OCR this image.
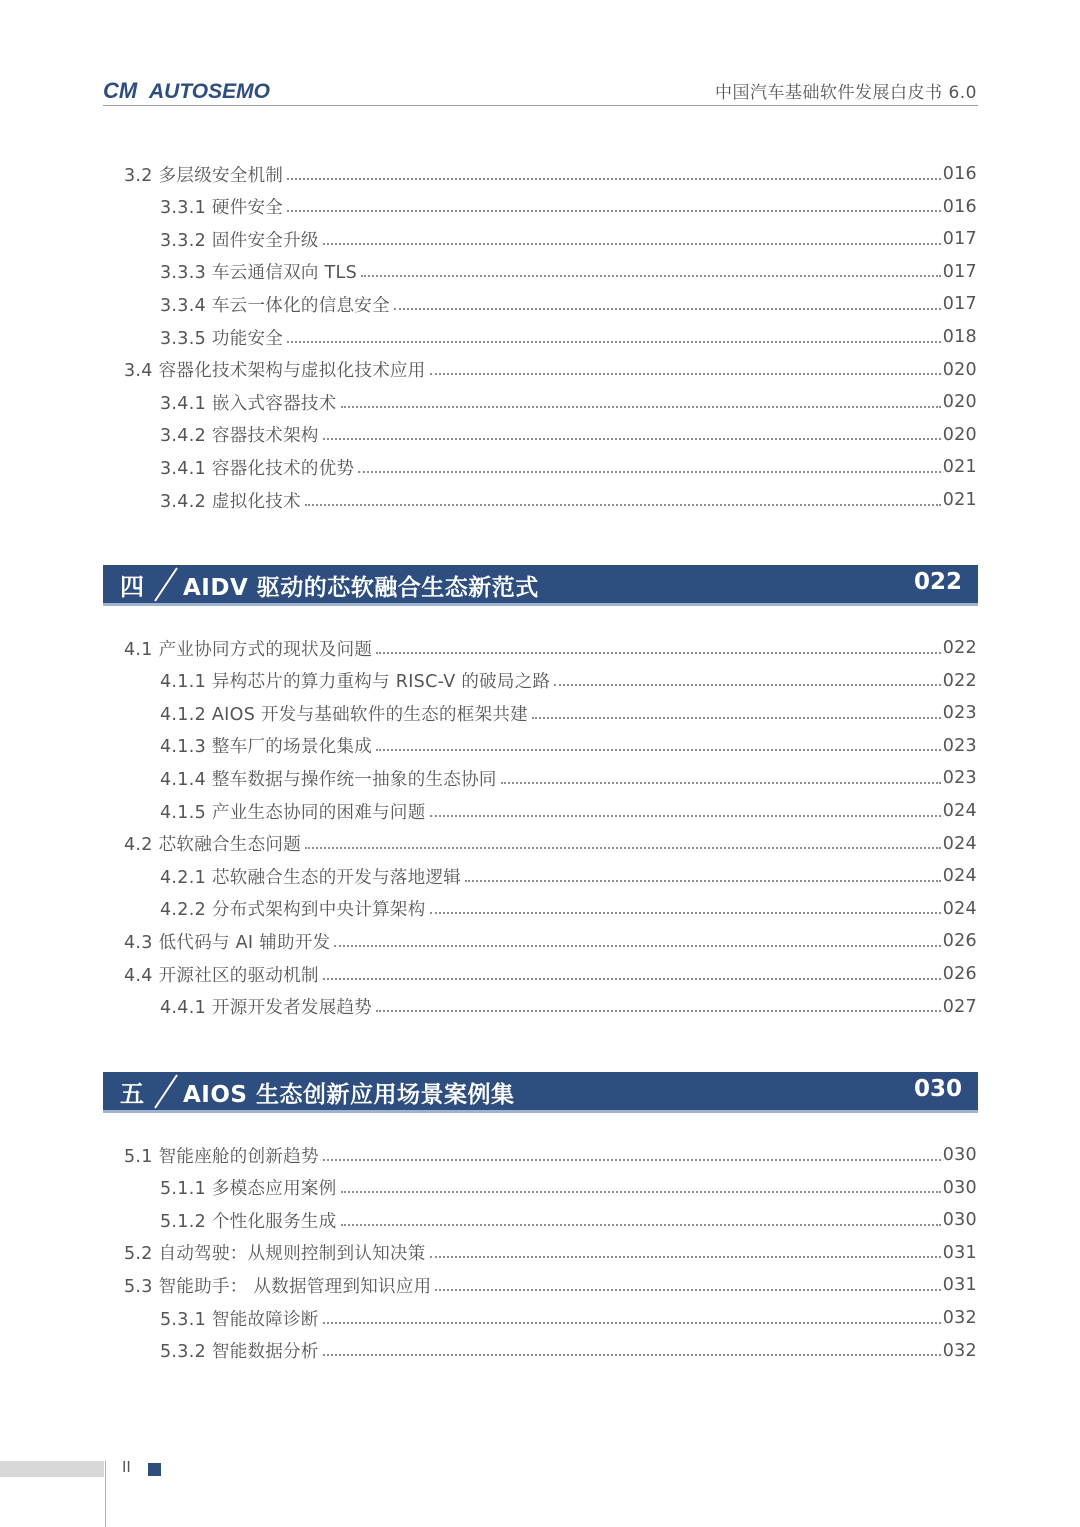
CM AUTOSEMO	中国汽车基础软件发展白皮书 6.0
3.2 多层级安全机制	016
3.3.1 硬件安全	016
3.3.2 固件安全升级	017
3.3.3 车云通信双向 TLS	017
3.3.4 车云一体化的信息安全	017
3.3.5 功能安全	018
3.4 容器化技术架构与虚拟化技术应用	020
3.4.1 嵌入式容器技术	020
3.4.2 容器技术架构	020
3.4.1 容器化技术的优势	021
3.4.2 虚拟化技术	021
四 AIDV 驱动的芯软融合生态新范式	022
4.1 产业协同方式的现状及问题	022
4.1.1 异构芯片的算力重构与 RISC-V 的破局之路	022
4.1.2 AIOS 开发与基础软件的生态的框架共建	023
4.1.3 整车厂的场景化集成	023
4.1.4 整车数据与操作统一抽象的生态协同	023
4.1.5 产业生态协同的困难与问题	024
4.2 芯软融合生态问题	024
4.2.1 芯软融合生态的开发与落地逻辑	024
4.2.2 分布式架构到中央计算架构	024
4.3 低代码与 AI 辅助开发	026
4.4 开源社区的驱动机制	026
4.4.1 开源开发者发展趋势	027
五 AIOS 生态创新应用场景案例集	030
5.1 智能座舱的创新趋势	030
5.1.1 多模态应用案例	030
5.1.2 个性化服务生成	030
5.2 自动驾驶：从规则控制到认知决策	031
5.3 智能助手： 从数据管理到知识应用	031
5.3.1 智能故障诊断	032
5.3.2 智能数据分析	032
II
